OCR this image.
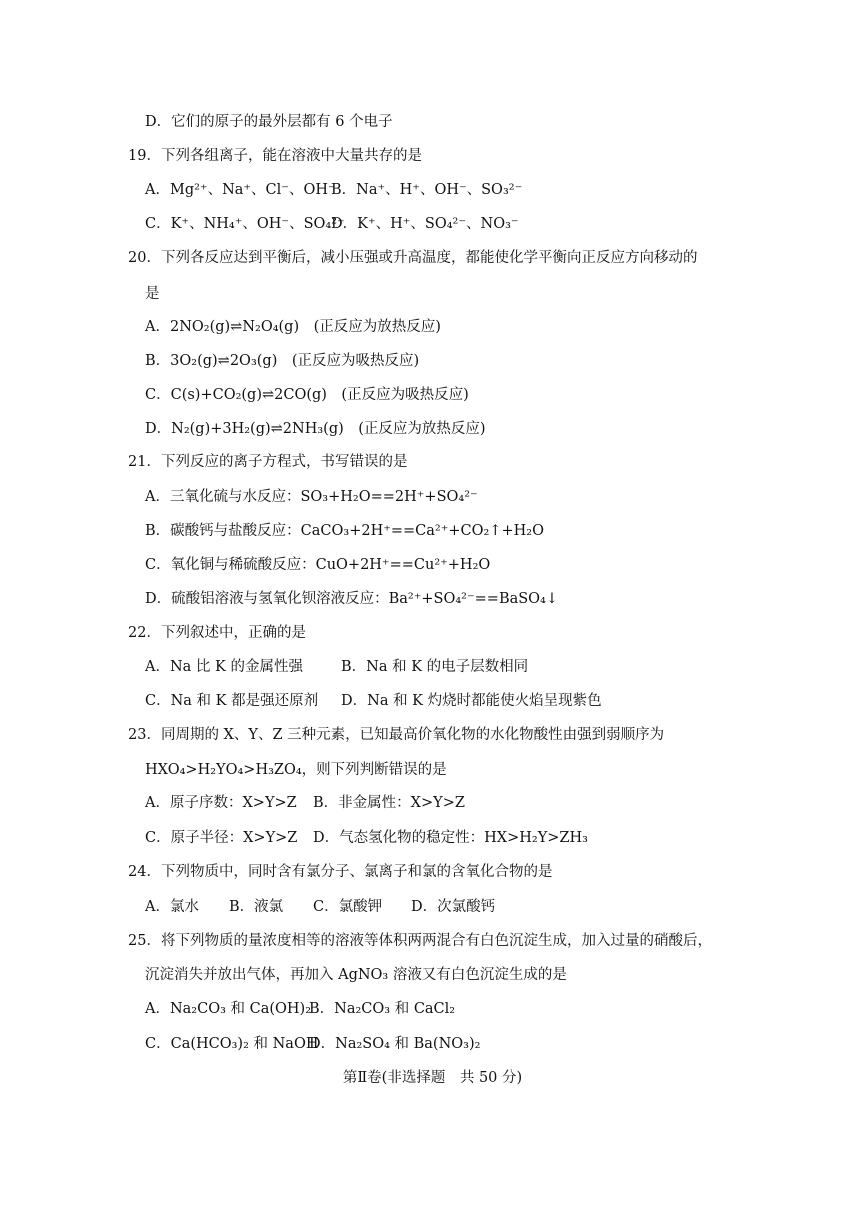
D．它们的原子的最外层都有 6 个电子
19．下列各组离子，能在溶液中大量共存的是
A．Mg²⁺、Na⁺、Cl⁻、OH⁻B．Na⁺、H⁺、OH⁻、SO₃²⁻
C．K⁺、NH₄⁺、OH⁻、SO₄²⁻D．K⁺、H⁺、SO₄²⁻、NO₃⁻
20．下列各反应达到平衡后，减小压强或升高温度，都能使化学平衡向正反应方向移动的
是
A．2NO₂(g)⇌N₂O₄(g)　(正反应为放热反应)
B．3O₂(g)⇌2O₃(g)　(正反应为吸热反应)
C．C(s)+CO₂(g)⇌2CO(g)　(正反应为吸热反应)
D．N₂(g)+3H₂(g)⇌2NH₃(g)　(正反应为放热反应)
21．下列反应的离子方程式，书写错误的是
A．三氧化硫与水反应：SO₃+H₂O==2H⁺+SO₄²⁻
B．碳酸钙与盐酸反应：CaCO₃+2H⁺==Ca²⁺+CO₂↑+H₂O
C．氧化铜与稀硫酸反应：CuO+2H⁺==Cu²⁺+H₂O
D．硫酸铝溶液与氢氧化钡溶液反应：Ba²⁺+SO₄²⁻==BaSO₄↓
22．下列叙述中，正确的是
A．Na 比 K 的金属性强	B．Na 和 K 的电子层数相同
C．Na 和 K 都是强还原剂 D．Na 和 K 灼烧时都能使火焰呈现紫色
23．同周期的 X、Y、Z 三种元素，已知最高价氧化物的水化物酸性由强到弱顺序为
HXO₄>H₂YO₄>H₃ZO₄，则下列判断错误的是
A．原子序数：X>Y>Z B．非金属性：X>Y>Z
C．原子半径：X>Y>Z D．气态氢化物的稳定性：HX>H₂Y>ZH₃
24．下列物质中，同时含有氯分子、氯离子和氯的含氧化合物的是
A．氯水 B．液氯 C．氯酸钾 D．次氯酸钙
25．将下列物质的量浓度相等的溶液等体积两两混合有白色沉淀生成，加入过量的硝酸后，
沉淀消失并放出气体，再加入 AgNO₃ 溶液又有白色沉淀生成的是
A．Na₂CO₃ 和 Ca(OH)₂B．Na₂CO₃ 和 CaCl₂
C．Ca(HCO₃)₂ 和 NaOHD．Na₂SO₄ 和 Ba(NO₃)₂
第Ⅱ卷(非选择题　共 50 分)
